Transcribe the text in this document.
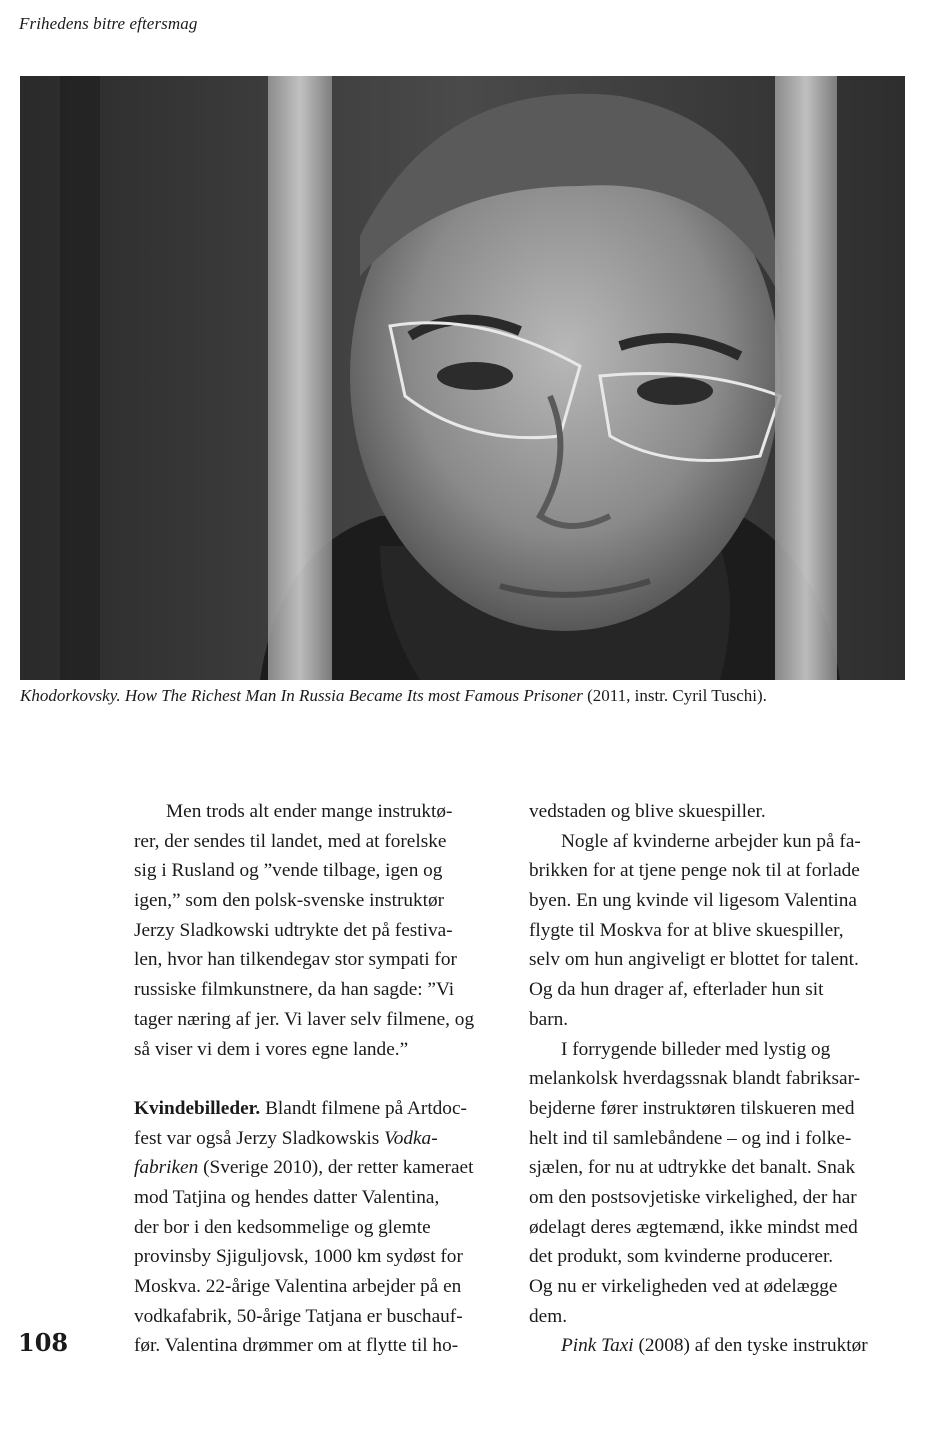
Frihedens bitre eftersmag
Khodorkovsky. How The Richest Man In Russia Became Its most Famous Prisoner (2011, instr. Cyril Tuschi).
Men trods alt ender mange instruktø-
rer, der sendes til landet, med at forelske
sig i Rusland og ”vende tilbage, igen og
igen,” som den polsk-svenske instruktør
Jerzy Sladkowski udtrykte det på festiva-
len, hvor han tilkendegav stor sympati for
russiske filmkunstnere, da han sagde: ”Vi
tager næring af jer. Vi laver selv filmene, og
så viser vi dem i vores egne lande.”
Kvindebilleder. Blandt filmene på Artdoc-
fest var også Jerzy Sladkowskis Vodka-
fabriken (Sverige 2010), der retter kameraet
mod Tatjina og hendes datter Valentina,
der bor i den kedsommelige og glemte
provinsby Sjiguljovsk, 1000 km sydøst for
Moskva. 22-årige Valentina arbejder på en
vodkafabrik, 50-årige Tatjana er buschauf-
før. Valentina drømmer om at flytte til ho-
vedstaden og blive skuespiller.
Nogle af kvinderne arbejder kun på fa-
brikken for at tjene penge nok til at forlade
byen. En ung kvinde vil ligesom Valentina
flygte til Moskva for at blive skuespiller,
selv om hun angiveligt er blottet for talent.
Og da hun drager af, efterlader hun sit
barn.
I forrygende billeder med lystig og
melankolsk hverdagssnak blandt fabriksar-
bejderne fører instruktøren tilskueren med
helt ind til samlebåndene – og ind i folke-
sjælen, for nu at udtrykke det banalt. Snak
om den postsovjetiske virkelighed, der har
ødelagt deres ægtemænd, ikke mindst med
det produkt, som kvinderne producerer.
Og nu er virkeligheden ved at ødelægge
dem.
Pink Taxi (2008) af den tyske instruktør
108
